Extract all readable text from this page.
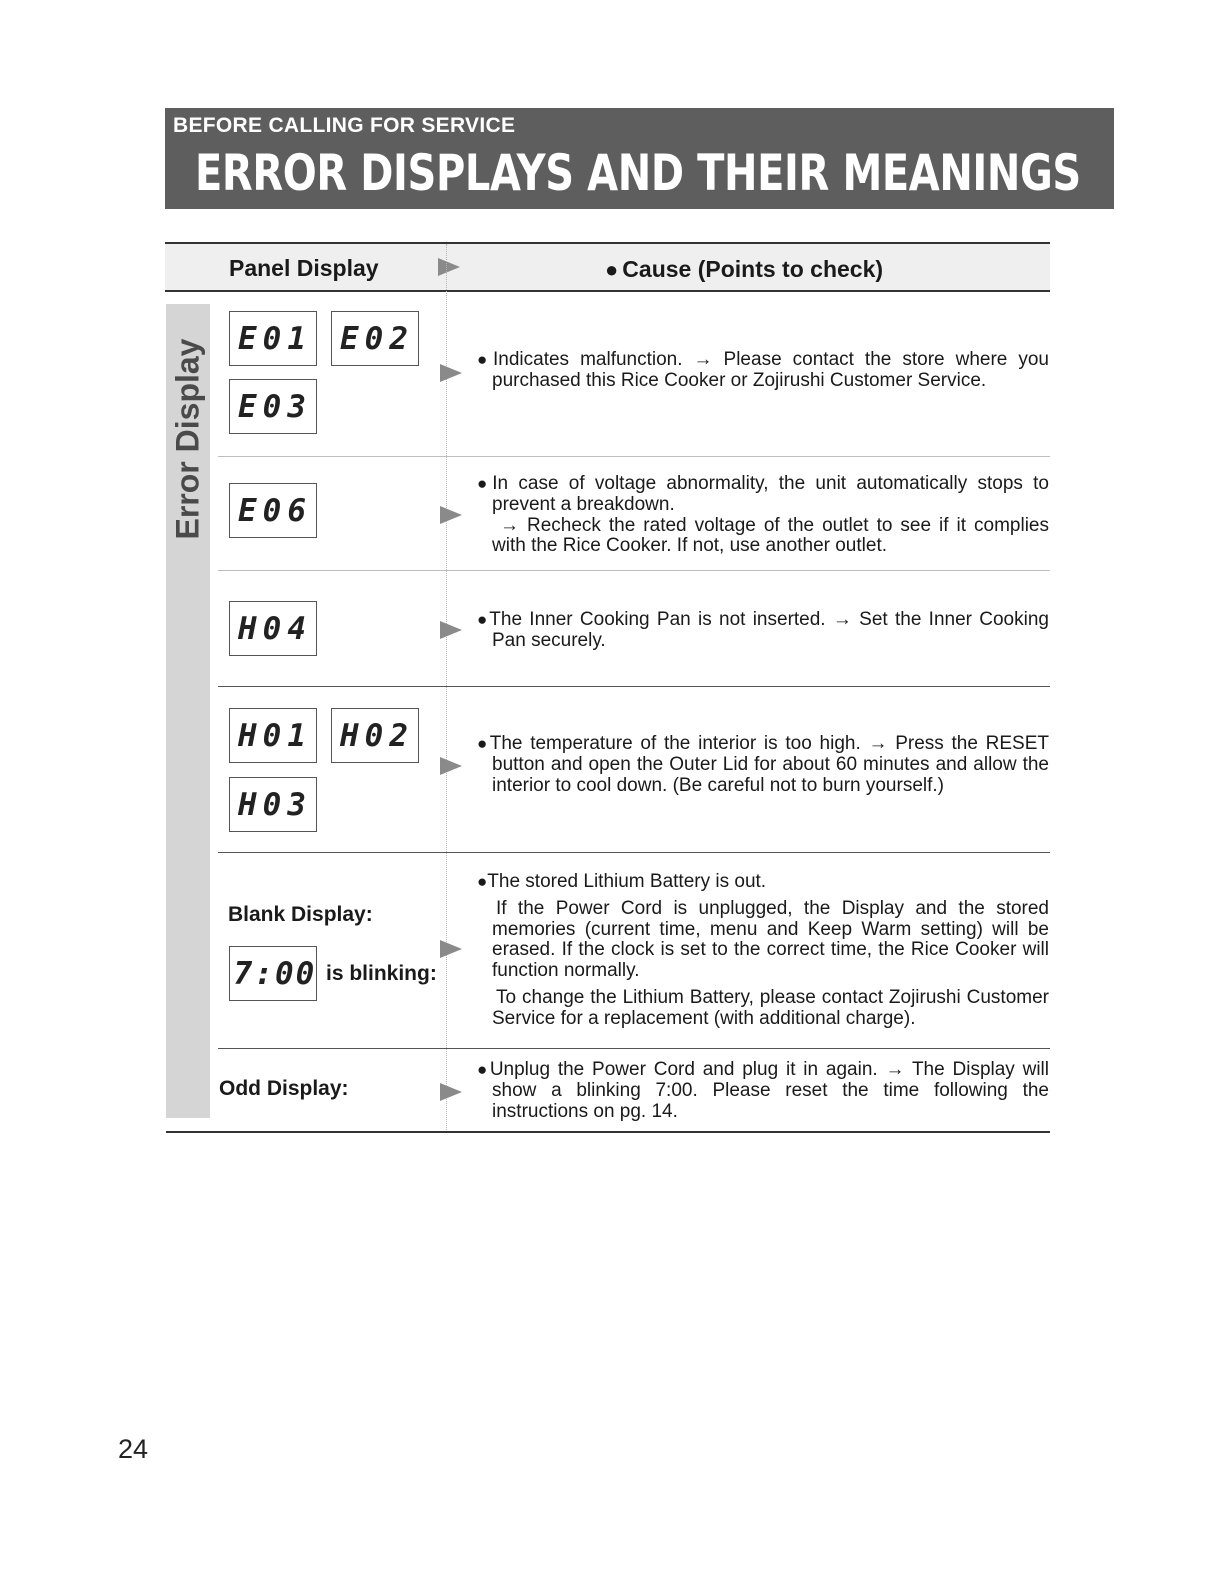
BEFORE CALLING FOR SERVICE
ERROR DISPLAYS AND THEIR MEANINGS
Panel Display	● Cause (Points to check)
Error Display
E01 E02
E03

●Indicates malfunction. → Please contact the store where you purchased this Rice Cooker or Zojirushi Customer Service.

E06

●In case of voltage abnormality, the unit automatically stops to prevent a breakdown.

→ Recheck the rated voltage of the outlet to see if it complies with the Rice Cooker. If not, use another outlet.

H04	●The Inner Cooking Pan is not inserted. → Set the Inner Cooking Pan securely.

H01 H02
H03

●The temperature of the interior is too high. → Press the RESET button and open the Outer Lid for about 60 minutes and allow the interior to cool down. (Be careful not to burn yourself.)

Blank Display:
7:00 is blinking:

●The stored Lithium Battery is out.

If the Power Cord is unplugged, the Display and the stored memories (current time, menu and Keep Warm setting) will be erased. If the clock is set to the correct time, the Rice Cooker will function normally.

To change the Lithium Battery, please contact Zojirushi Customer Service for a replacement (with additional charge).

Odd Display:

●Unplug the Power Cord and plug it in again. → The Display will show a blinking 7:00. Please reset the time following the instructions on pg. 14.

24
